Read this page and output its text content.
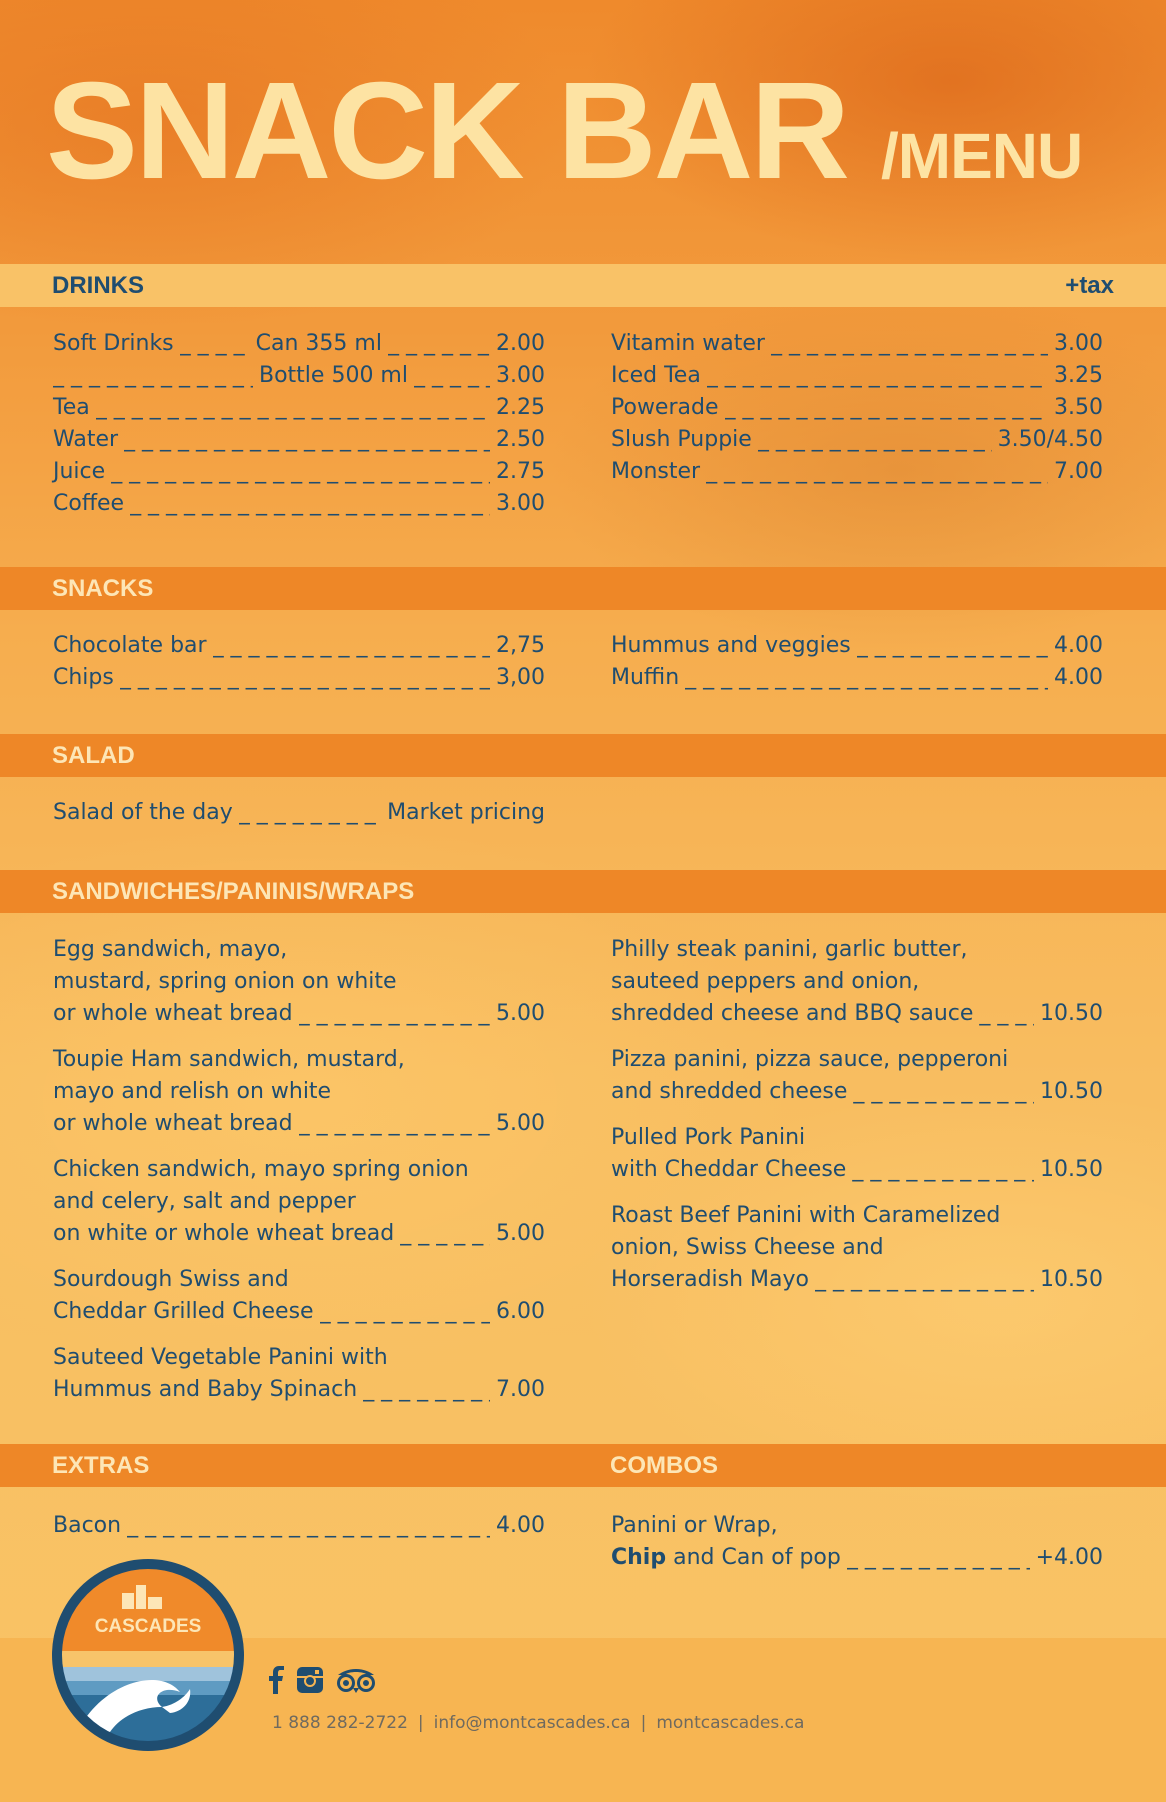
SNACK BAR /MENU
DRINKS	+tax
Soft Drinks _ _ _	Can 355 ml _ _ _	2.00
_ _ _
Bottle 500 ml _ _ _	3.00
Tea _ _ _	2.25
Water _ _ _	2.50
Juice _ _ _	2.75
Coffee _ _ _	3.00
Vitamin water _ _ _	3.00
Iced Tea _ _ _	3.25
Powerade _ _ _	3.50
Slush Puppie _ _ _	3.50/4.50
Monster _ _ _	7.00
SNACKS
Chocolate bar _ _ _	2,75
Chips _ _ _	3,00
Hummus and veggies _ _ _	4.00
Muffin _ _ _	4.00
SALAD
Salad of the day _ _ _	Market pricing
SANDWICHES/PANINIS/WRAPS
Egg sandwich, mayo,
mustard, spring onion on white
or whole wheat bread _ _ _	5.00
Toupie Ham sandwich, mustard,
mayo and relish on white
or whole wheat bread _ _ _	5.00
Chicken sandwich, mayo spring onion
and celery, salt and pepper
on white or whole wheat bread _ _ _	5.00
Sourdough Swiss and
Cheddar Grilled Cheese _ _ _	6.00
Sauteed Vegetable Panini with
Hummus and Baby Spinach _ _ _	7.00
Philly steak panini, garlic butter,
sauteed peppers and onion,
shredded cheese and BBQ sauce _ _ _	10.50
Pizza panini, pizza sauce, pepperoni
and shredded cheese _ _ _	10.50
Pulled Pork Panini
with Cheddar Cheese _ _ _	10.50
Roast Beef Panini with Caramelized
onion, Swiss Cheese and
Horseradish Mayo _ _ _	10.50
EXTRAS	COMBOS
Bacon _ _ _	4.00	Panini or Wrap,
Chip and Can of pop _ _ _	+4.00
CASCADES
1 888 282-2722 | info@montcascades.ca | montcascades.ca
